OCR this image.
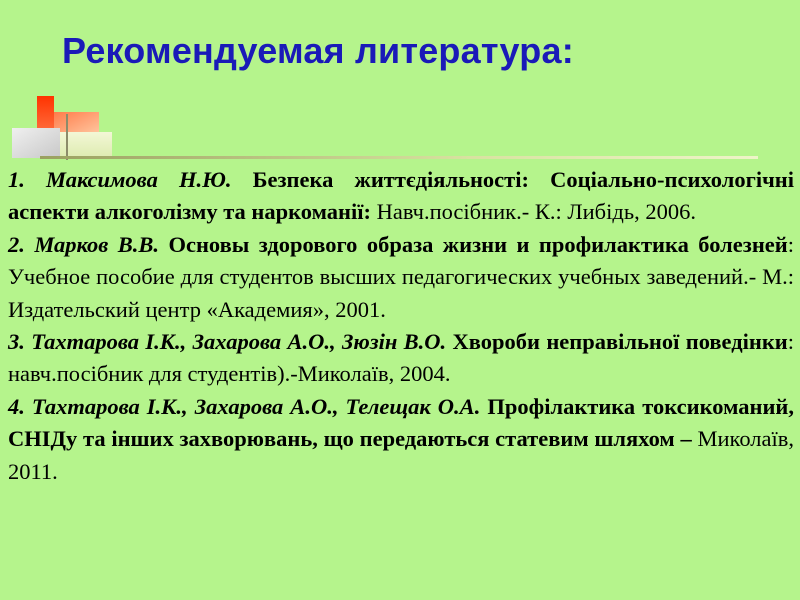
Рекомендуемая литература:

1. Максимова Н.Ю. Безпека життєдіяльності: Соціально-психологічні аспекти алкоголізму та наркоманії: Навч.посібник.- К.: Либідь, 2006.

2. Марков В.В. Основы здорового образа жизни и профилактика болезней: Учебное пособие для студентов высших педагогических учебных заведений.- М.: Издательский центр «Академия», 2001.

3. Тахтарова І.К., Захарова А.О., Зюзін В.О. Хвороби неправільної поведінки: навч.посібник для студентів).-Миколаїв, 2004.

4. Тахтарова І.К., Захарова А.О., Телещак О.А. Профілактика токсикоманий, СНІДу та інших захворювань, що передаються статевим шляхом – Миколаїв, 2011.
